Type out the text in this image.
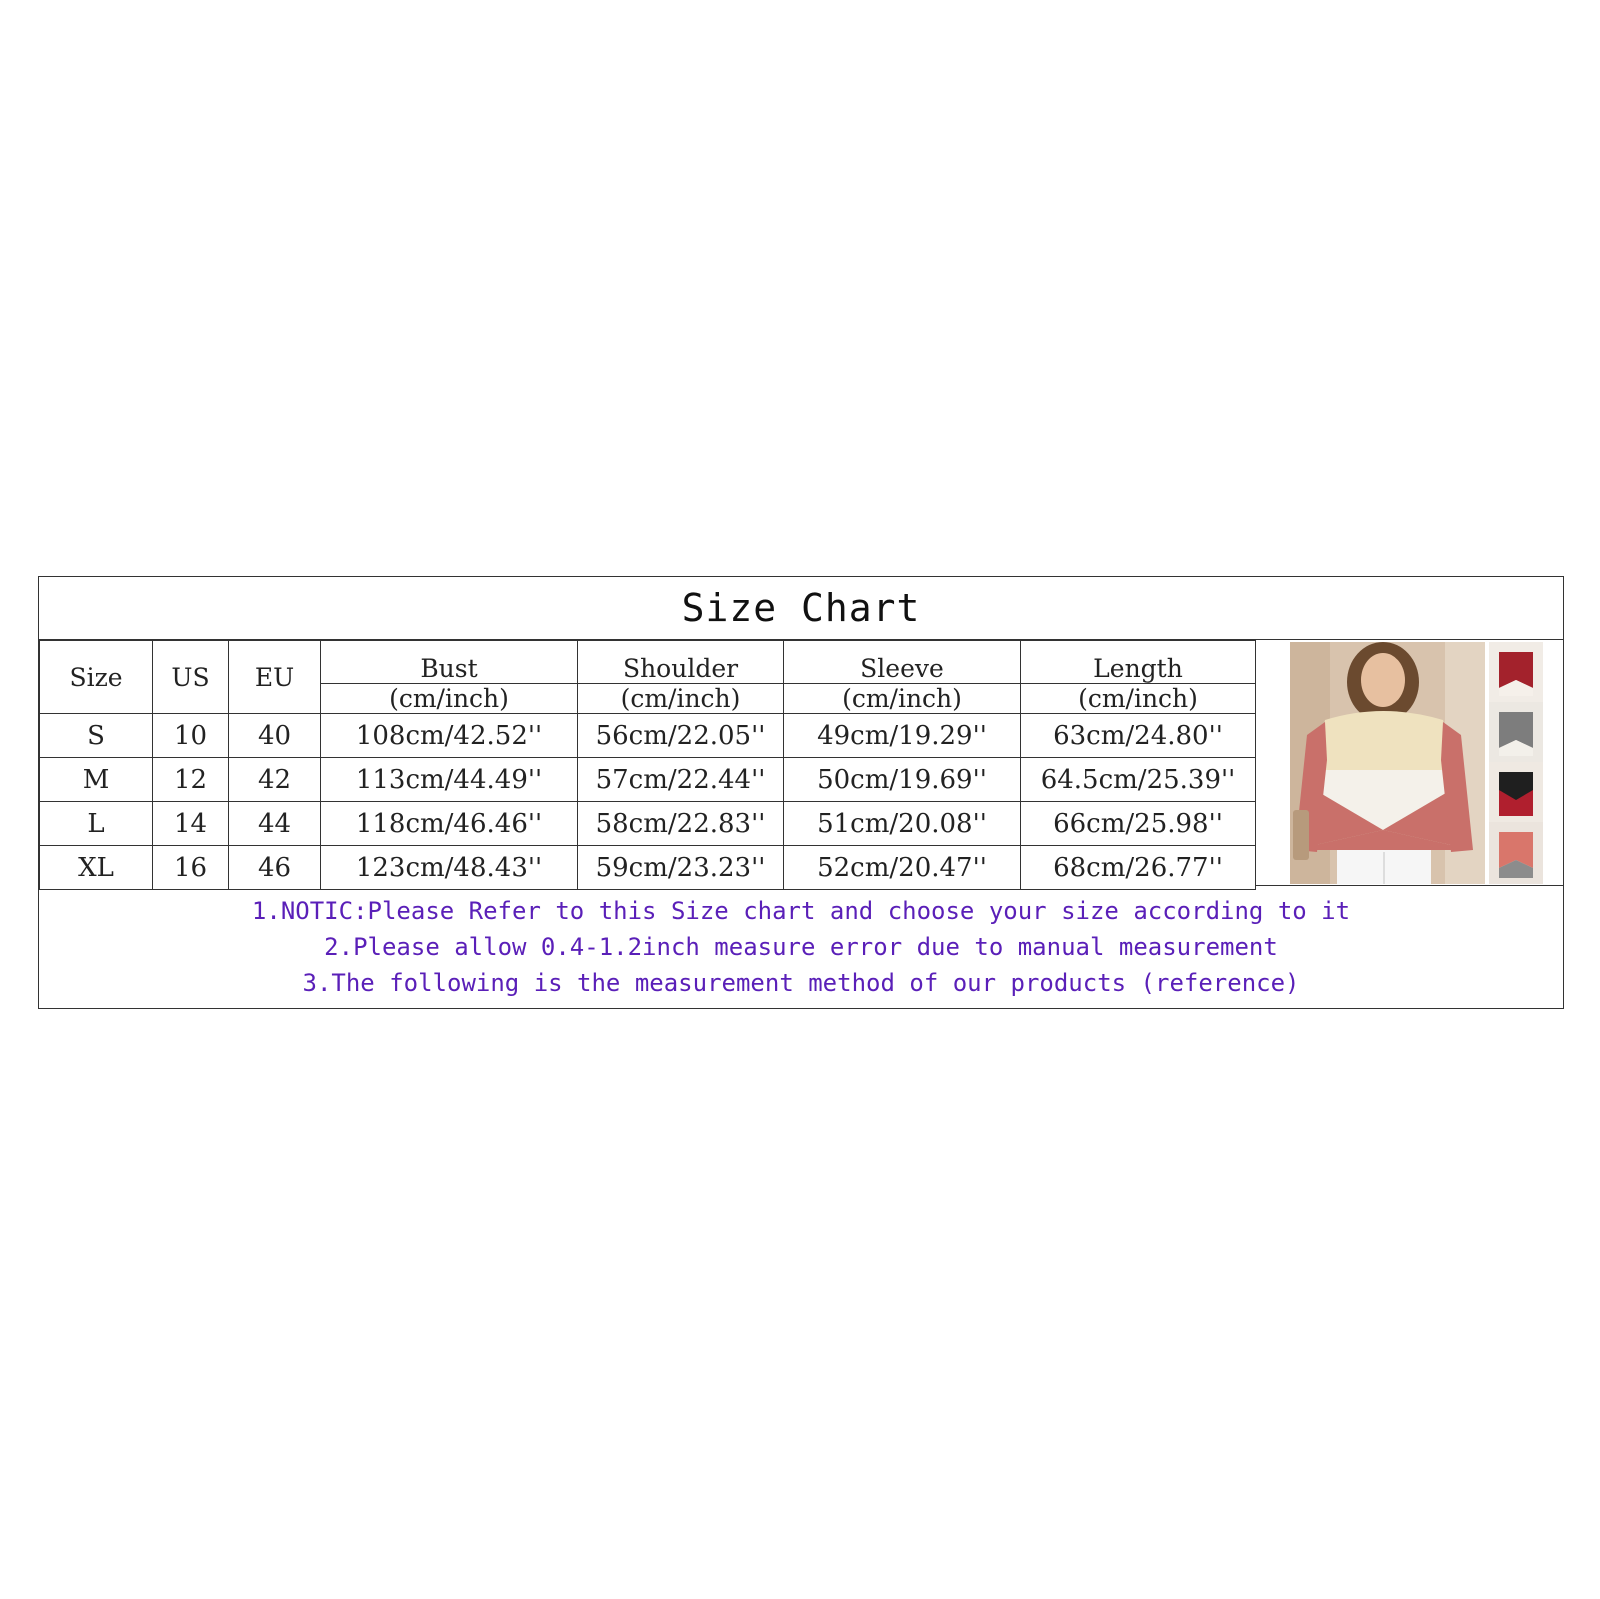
Size Chart
Size	US	EU	Bust	Shoulder	Sleeve	Length
			(cm/inch)	(cm/inch)	(cm/inch)	(cm/inch)
S	10	40	108cm/42.52''	56cm/22.05''	49cm/19.29''	63cm/24.80''
M	12	42	113cm/44.49''	57cm/22.44''	50cm/19.69''	64.5cm/25.39''
L	14	44	118cm/46.46''	58cm/22.83''	51cm/20.08''	66cm/25.98''
XL	16	46	123cm/48.43''	59cm/23.23''	52cm/20.47''	68cm/26.77''
1.NOTIC:Please Refer to this Size chart and choose your size according to it
2.Please allow 0.4-1.2inch measure error due to manual measurement
3.The following is the measurement method of our products (reference)
